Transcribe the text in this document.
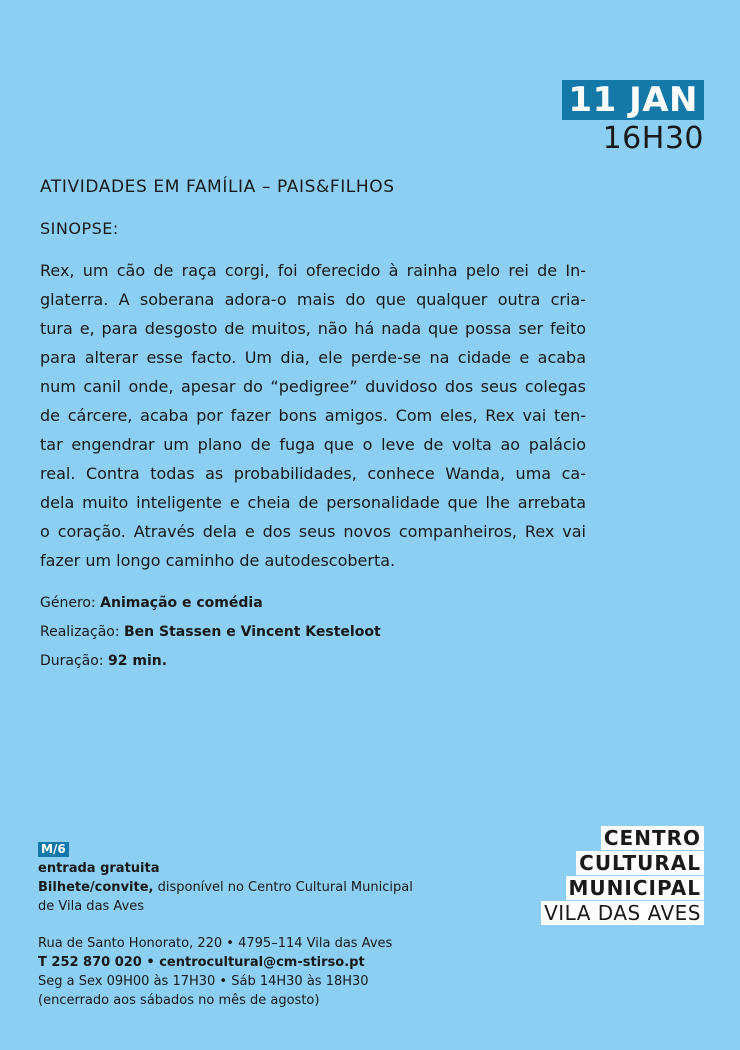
11 JAN
16H30
ATIVIDADES EM FAMÍLIA – PAIS&FILHOS
SINOPSE:
Rex, um cão de raça corgi, foi oferecido à rainha pelo rei de In-
glaterra. A soberana adora-o mais do que qualquer outra cria-
tura e, para desgosto de muitos, não há nada que possa ser feito
para alterar esse facto. Um dia, ele perde-se na cidade e acaba
num canil onde, apesar do “pedigree” duvidoso dos seus colegas
de cárcere, acaba por fazer bons amigos. Com eles, Rex vai ten-
tar engendrar um plano de fuga que o leve de volta ao palácio
real. Contra todas as probabilidades, conhece Wanda, uma ca-
dela muito inteligente e cheia de personalidade que lhe arrebata
o coração. Através dela e dos seus novos companheiros, Rex vai
fazer um longo caminho de autodescoberta.
Género: Animação e comédia
Realização: Ben Stassen e Vincent Kesteloot
Duração: 92 min.
M/6
entrada gratuita
Bilhete/convite, disponível no Centro Cultural Municipal
de Vila das Aves
Rua de Santo Honorato, 220 • 4795–114 Vila das Aves
T 252 870 020 • centrocultural@cm-stirso.pt
Seg a Sex 09H00 às 17H30 • Sáb 14H30 às 18H30
(encerrado aos sábados no mês de agosto)
CENTRO
CULTURAL
MUNICIPAL
VILA DAS AVES
